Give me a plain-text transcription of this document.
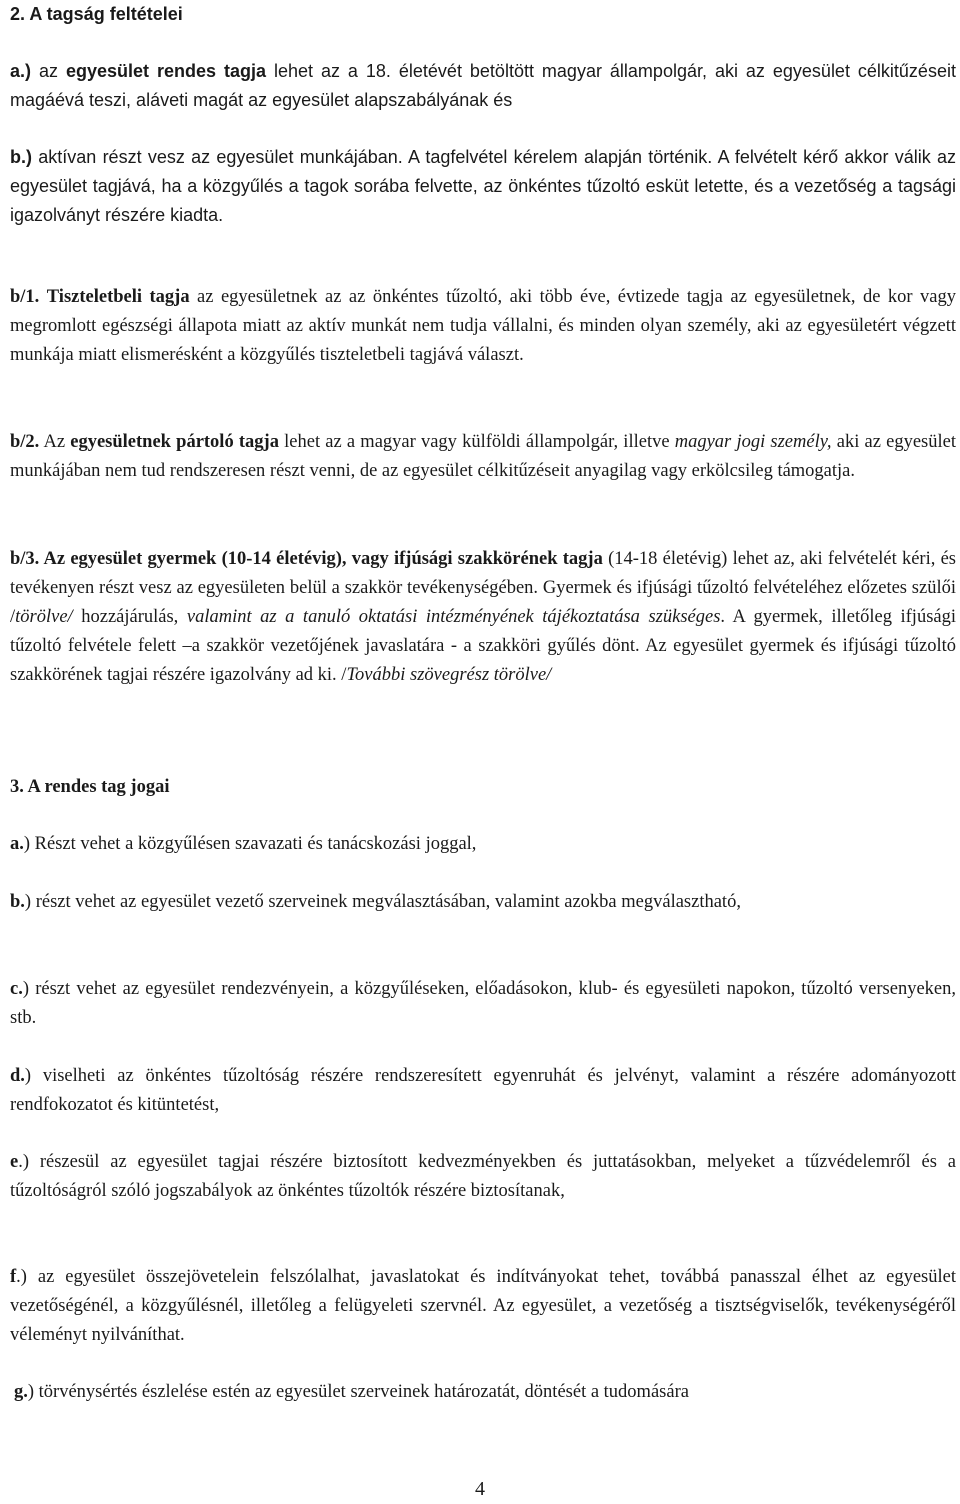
2. A tagság feltételei
a.) az egyesület rendes tagja lehet az a 18. életévét betöltött magyar állampolgár, aki az egyesület célkitűzéseit magáévá teszi, aláveti magát az egyesület alapszabályának és
b.) aktívan részt vesz az egyesület munkájában. A tagfelvétel kérelem alapján történik. A felvételt kérő akkor válik az egyesület tagjává, ha a közgyűlés a tagok sorába felvette, az önkéntes tűzoltó esküt letette, és a vezetőség a tagsági igazolványt részére kiadta.
b/1. Tiszteletbeli tagja az egyesületnek az az önkéntes tűzoltó, aki több éve, évtizede tagja az egyesületnek, de kor vagy megromlott egészségi állapota miatt az aktív munkát nem tudja vállalni, és minden olyan személy, aki az egyesületért végzett munkája miatt elismerésként a közgyűlés tiszteletbeli tagjává választ.
b/2. Az egyesületnek pártoló tagja lehet az a magyar vagy külföldi állampolgár, illetve magyar jogi személy, aki az egyesület munkájában nem tud rendszeresen részt venni, de az egyesület célkitűzéseit anyagilag vagy erkölcsileg támogatja.
b/3. Az egyesület gyermek (10-14 életévig), vagy ifjúsági szakkörének tagja (14-18 életévig) lehet az, aki felvételét kéri, és tevékenyen részt vesz az egyesületen belül a szakkör tevékenységében. Gyermek és ifjúsági tűzoltó felvételéhez előzetes szülői /törölve/ hozzájárulás, valamint az a tanuló oktatási intézményének tájékoztatása szükséges. A gyermek, illetőleg ifjúsági tűzoltó felvétele felett –a szakkör vezetőjének javaslatára - a szakköri gyűlés dönt. Az egyesület gyermek és ifjúsági tűzoltó szakkörének tagjai részére igazolvány ad ki. /További szövegrész törölve/
3. A rendes tag jogai
a.) Részt vehet a közgyűlésen szavazati és tanácskozási joggal,
b.) részt vehet az egyesület vezető szerveinek megválasztásában, valamint azokba megválasztható,
c.) részt vehet az egyesület rendezvényein, a közgyűléseken, előadásokon, klub- és egyesületi napokon, tűzoltó versenyeken, stb.
d.) viselheti az önkéntes tűzoltóság részére rendszeresített egyenruhát és jelvényt, valamint a részére adományozott rendfokozatot és kitüntetést,
e.) részesül az egyesület tagjai részére biztosított kedvezményekben és juttatásokban, melyeket a tűzvédelemről és a tűzoltóságról szóló jogszabályok az önkéntes tűzoltók részére biztosítanak,
f.) az egyesület összejövetelein felszólalhat, javaslatokat és indítványokat tehet, továbbá panasszal élhet az egyesület vezetőségénél, a közgyűlésnél, illetőleg a felügyeleti szervnél. Az egyesület, a vezetőség a tisztségviselők, tevékenységéről véleményt nyilváníthat.
g.) törvénysértés észlelése estén az egyesület szerveinek határozatát, döntését a tudomására
4
